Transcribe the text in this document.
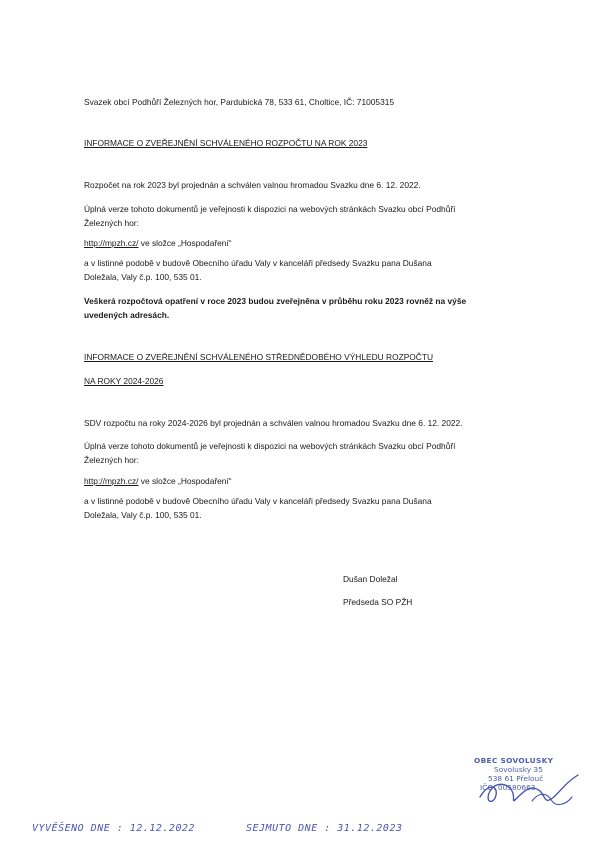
Svazek obcí Podhůří Železných hor, Pardubická 78, 533 61, Choltice, IČ: 71005315
INFORMACE O ZVEŘEJNĚNÍ SCHVÁLENÉHO ROZPOČTU NA ROK 2023
Rozpočet na rok 2023 byl projednán a schválen valnou hromadou Svazku dne 6. 12. 2022.
Úplná verze tohoto dokumentů je veřejnosti k dispozici na webových stránkách Svazku obcí Podhůří
Železných hor:
http://mpzh.cz/ ve složce „Hospodaření“
a v listinné podobě v budově Obecního úřadu Valy v kanceláři předsedy Svazku pana Dušana
Doležala, Valy č.p. 100, 535 01.
Veškerá rozpočtová opatření v roce 2023 budou zveřejněna v průběhu roku 2023 rovněž na výše
uvedených adresách.
INFORMACE O ZVEŘEJNĚNÍ SCHVÁLENÉHO STŘEDNĚDOBÉHO VÝHLEDU ROZPOČTU
NA ROKY 2024-2026
SDV rozpočtu na roky 2024-2026 byl projednán a schválen valnou hromadou Svazku dne 6. 12. 2022.
Úplná verze tohoto dokumentů je veřejnosti k dispozici na webových stránkách Svazku obcí Podhůří
Železných hor:
http://mpzh.cz/ ve složce „Hospodaření“
a v listinné podobě v budově Obecního úřadu Valy v kanceláři předsedy Svazku pana Dušana
Doležala, Valy č.p. 100, 535 01.
Dušan Doležal
Předseda SO PŽH
OBEC SOVOLUSKY
Sovolusky 35
538 61 Přelouč
IČO: 00580663
VYVĚŠENO DNE : 12.12.2022	SEJMUTO DNE : 31.12.2023
